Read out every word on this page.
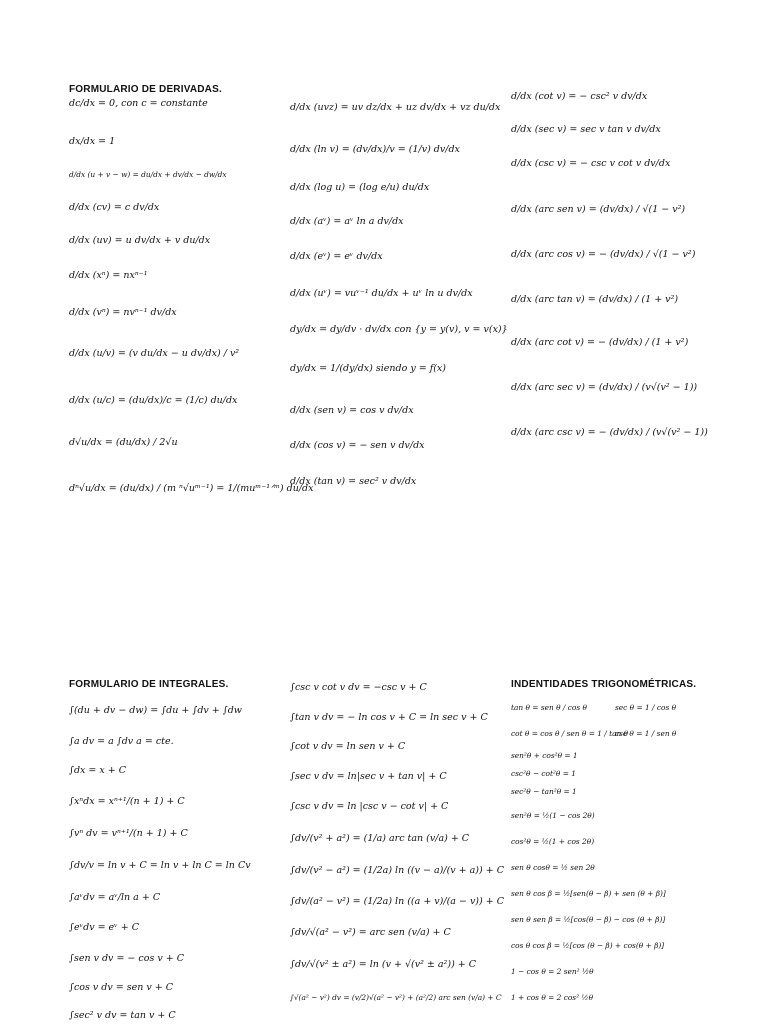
FORMULARIO DE DERIVADAS.
dc/dx = 0, con c = constante
dx/dx = 1
d/dx (u + v − w) = du/dx + dv/dx − dw/dx
d/dx (cv) = c dv/dx
d/dx (uv) = u dv/dx + v du/dx
d/dx (xⁿ) = nxⁿ⁻¹
d/dx (vⁿ) = nvⁿ⁻¹ dv/dx
d/dx (u/v) = (v du/dx − u dv/dx) / v²
d/dx (u/c) = (du/dx)/c = (1/c) du/dx
d√u/dx = (du/dx) / 2√u
dⁿ√u/dx = (du/dx) / (m ⁿ√uᵐ⁻¹) = 1/(muᵐ⁻¹ᐟᵐ) du/dx
d/dx (uvz) = uv dz/dx + uz dv/dx + vz du/dx
d/dx (ln v) = (dv/dx)/v = (1/v) dv/dx
d/dx (log u) = (log e/u) du/dx
d/dx (aᵛ) = aᵛ ln a dv/dx
d/dx (eᵛ) = eᵛ dv/dx
d/dx (uᵛ) = vuᵛ⁻¹ du/dx + uᵛ ln u dv/dx
dy/dx = dy/dv · dv/dx con {y = y(v), v = v(x)}
dy/dx = 1/(dy/dx) siendo y = f(x)
d/dx (sen v) = cos v dv/dx
d/dx (cos v) = − sen v dv/dx
d/dx (tan v) = sec² v dv/dx
d/dx (cot v) = − csc² v dv/dx
d/dx (sec v) = sec v tan v dv/dx
d/dx (csc v) = − csc v cot v dv/dx
d/dx (arc sen v) = (dv/dx) / √(1 − v²)
d/dx (arc cos v) = − (dv/dx) / √(1 − v²)
d/dx (arc tan v) = (dv/dx) / (1 + v²)
d/dx (arc cot v) = − (dv/dx) / (1 + v²)
d/dx (arc sec v) = (dv/dx) / (v√(v² − 1))
d/dx (arc csc v) = − (dv/dx) / (v√(v² − 1))
FORMULARIO DE INTEGRALES.
∫(du + dv − dw) = ∫du + ∫dv + ∫dw
∫a dv = a ∫dv a = cte.
∫dx = x + C
∫xⁿdx = xⁿ⁺¹/(n + 1) + C
∫vⁿ dv = vⁿ⁺¹/(n + 1) + C
∫dv/v = ln v + C = ln v + ln C = ln Cv
∫aᵛdv = aᵛ/ln a + C
∫eᵛdv = eᵛ + C
∫sen v dv = − cos v + C
∫cos v dv = sen v + C
∫sec² v dv = tan v + C
∫csc v cot v dv = −csc v + C
∫tan v dv = − ln cos v + C = ln sec v + C
∫cot v dv = ln sen v + C
∫sec v dv = ln|sec v + tan v| + C
∫csc v dv = ln |csc v − cot v| + C
∫dv/(v² + a²) = (1/a) arc tan (v/a) + C
∫dv/(v² − a²) = (1/2a) ln ((v − a)/(v + a)) + C
∫dv/(a² − v²) = (1/2a) ln ((a + v)/(a − v)) + C
∫dv/√(a² − v²) = arc sen (v/a) + C
∫dv/√(v² ± a²) = ln (v + √(v² ± a²)) + C
∫√(a² − v²) dv = (v/2)√(a² − v²) + (a²/2) arc sen (v/a) + C
INDENTIDADES TRIGONOMÉTRICAS.
tan θ = sen θ / cos θ	sec θ = 1 / cos θ
cot θ = cos θ / sen θ = 1 / tan θ
csc θ = 1 / sen θ
sen²θ + cos²θ = 1
csc²θ − cot²θ = 1
sec²θ − tan²θ = 1
sen²θ = ½(1 − cos 2θ)
cos²θ = ½(1 + cos 2θ)
sen θ cosθ = ½ sen 2θ
sen θ cos β = ½[sen(θ − β) + sen (θ + β)]
sen θ sen β = ½[cos(θ − β) − cos (θ + β)]
cos θ cos β = ½[cos (θ − β) + cos(θ + β)]
1 − cos θ = 2 sen² ½θ
1 + cos θ = 2 cos² ½θ
